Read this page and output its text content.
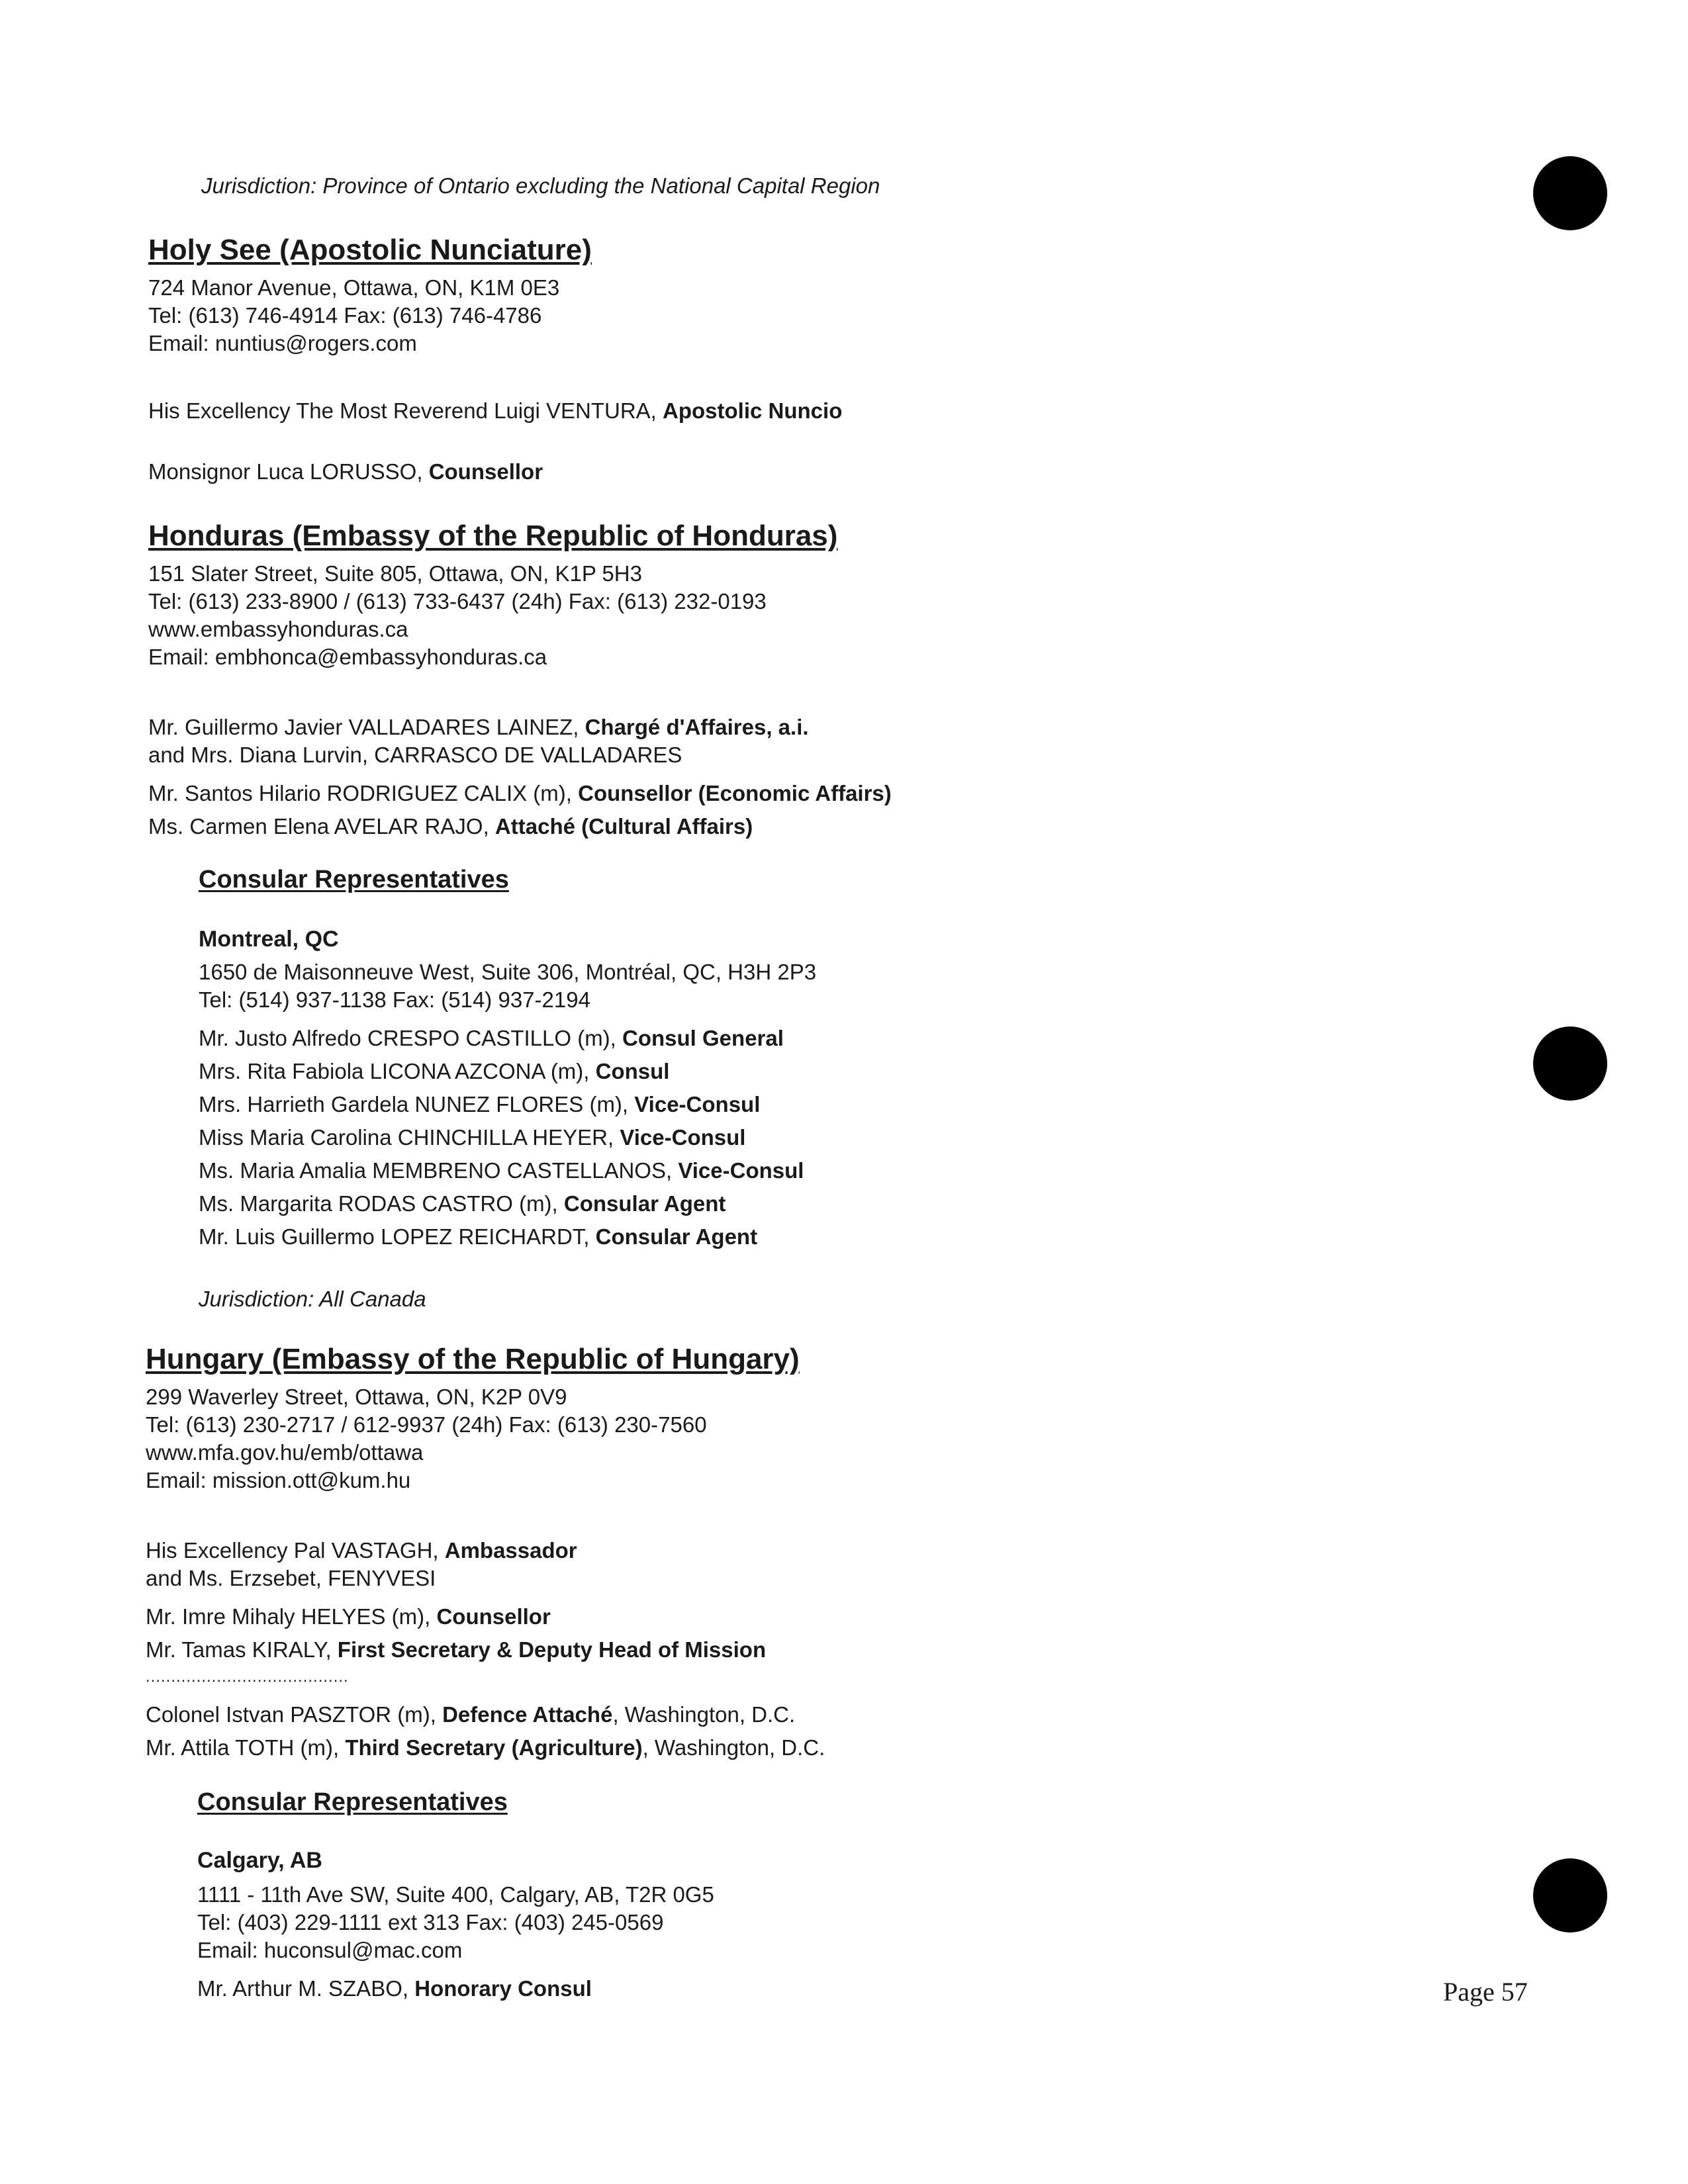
Jurisdiction: Province of Ontario excluding the National Capital Region
Holy See (Apostolic Nunciature)
724 Manor Avenue, Ottawa, ON, K1M 0E3
Tel: (613) 746-4914 Fax: (613) 746-4786
Email: nuntius@rogers.com
His Excellency The Most Reverend Luigi VENTURA, Apostolic Nuncio
Monsignor Luca LORUSSO, Counsellor
Honduras (Embassy of the Republic of Honduras)
151 Slater Street, Suite 805, Ottawa, ON, K1P 5H3
Tel: (613) 233-8900 / (613) 733-6437 (24h) Fax: (613) 232-0193
www.embassyhonduras.ca
Email: embhonca@embassyhonduras.ca
Mr. Guillermo Javier VALLADARES LAINEZ, Chargé d'Affaires, a.i.
and Mrs. Diana Lurvin, CARRASCO DE VALLADARES
Mr. Santos Hilario RODRIGUEZ CALIX (m), Counsellor (Economic Affairs)
Ms. Carmen Elena AVELAR RAJO, Attaché (Cultural Affairs)
Consular Representatives
Montreal, QC
1650 de Maisonneuve West, Suite 306, Montréal, QC, H3H 2P3
Tel: (514) 937-1138 Fax: (514) 937-2194
Mr. Justo Alfredo CRESPO CASTILLO (m), Consul General
Mrs. Rita Fabiola LICONA AZCONA (m), Consul
Mrs. Harrieth Gardela NUNEZ FLORES (m), Vice-Consul
Miss Maria Carolina CHINCHILLA HEYER, Vice-Consul
Ms. Maria Amalia MEMBRENO CASTELLANOS, Vice-Consul
Ms. Margarita RODAS CASTRO (m), Consular Agent
Mr. Luis Guillermo LOPEZ REICHARDT, Consular Agent
Jurisdiction: All Canada
Hungary (Embassy of the Republic of Hungary)
299 Waverley Street, Ottawa, ON, K2P 0V9
Tel: (613) 230-2717 / 612-9937 (24h) Fax: (613) 230-7560
www.mfa.gov.hu/emb/ottawa
Email: mission.ott@kum.hu
His Excellency Pal VASTAGH, Ambassador
and Ms. Erzsebet, FENYVESI
Mr. Imre Mihaly HELYES (m), Counsellor
Mr. Tamas KIRALY, First Secretary & Deputy Head of Mission
........................................
Colonel Istvan PASZTOR (m), Defence Attaché, Washington, D.C.
Mr. Attila TOTH (m), Third Secretary (Agriculture), Washington, D.C.
Consular Representatives
Calgary, AB
1111 - 11th Ave SW, Suite 400, Calgary, AB, T2R 0G5
Tel: (403) 229-1111 ext 313 Fax: (403) 245-0569
Email: huconsul@mac.com
Mr. Arthur M. SZABO, Honorary Consul	Page 57
